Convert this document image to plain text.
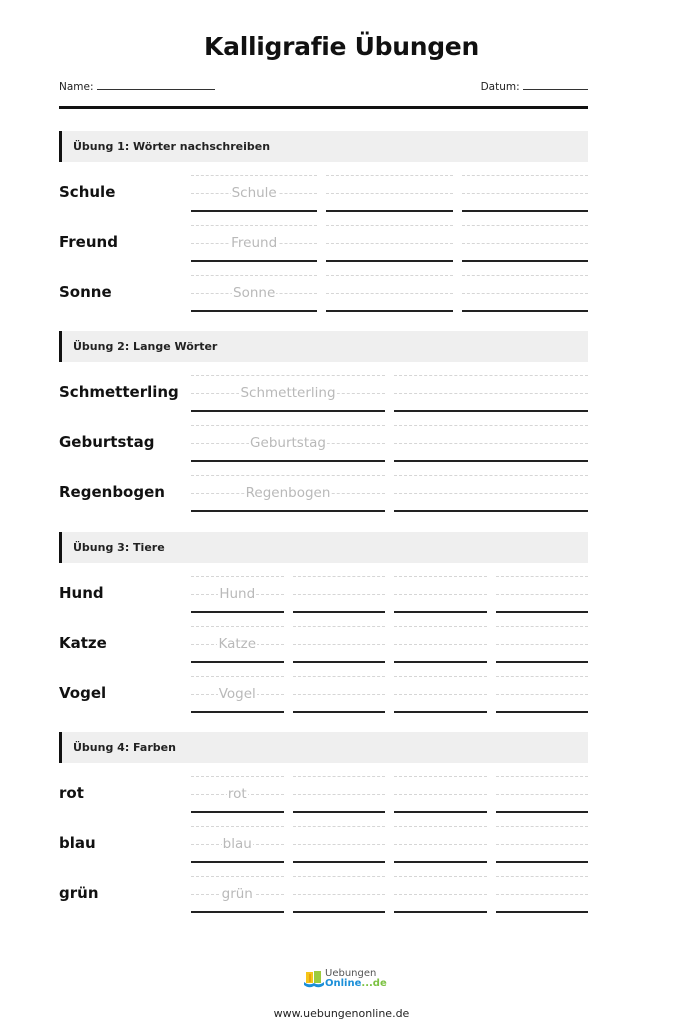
Kalligrafie Übungen
Name:	Datum:
Übung 1: Wörter nachschreiben
Schule	Schule
Freund	Freund
Sonne	Sonne
Übung 2: Lange Wörter
Schmetterling	Schmetterling
Geburtstag	Geburtstag
Regenbogen	Regenbogen
Übung 3: Tiere
Hund	Hund
Katze	Katze
Vogel	Vogel
Übung 4: Farben
rot	rot
blau	blau
grün	grün
Uebungen
Online...de
www.uebungenonline.de
